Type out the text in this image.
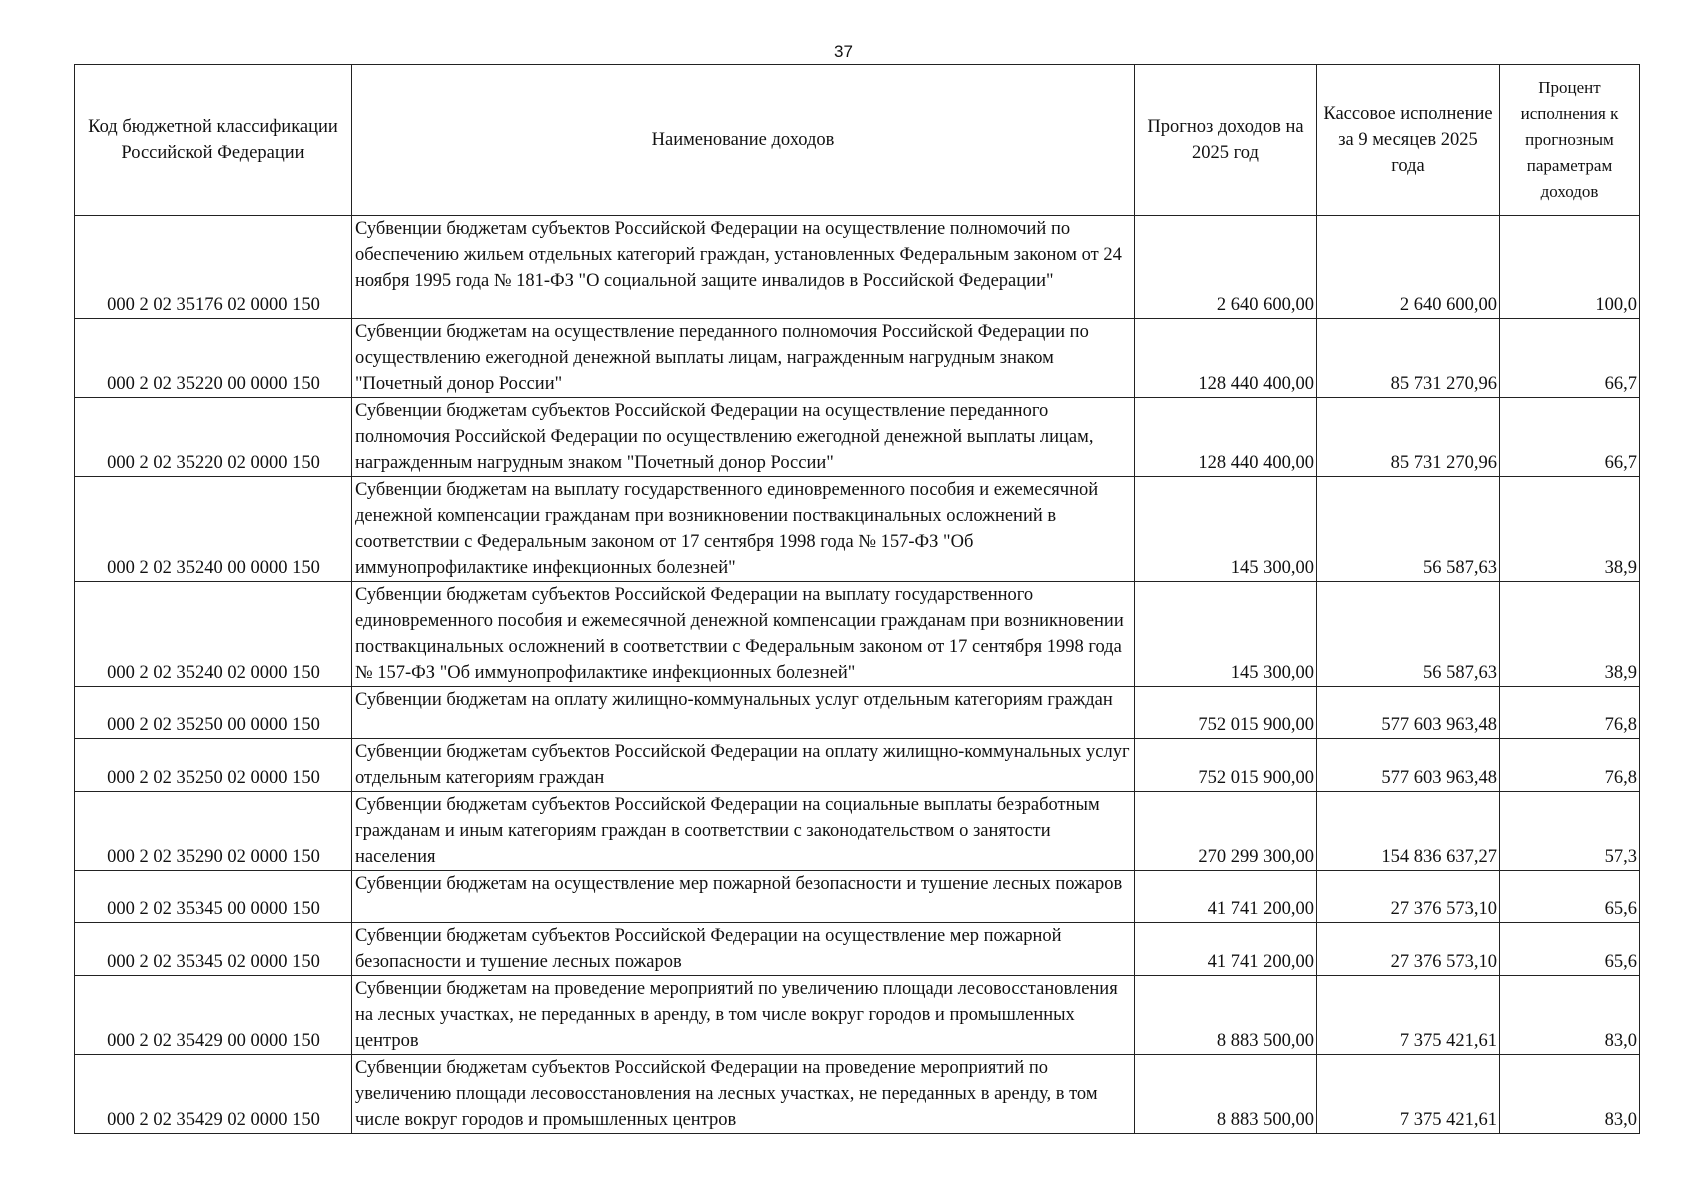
37
Код бюджетной классификации Российской Федерации	Наименование доходов	Прогноз доходов на 2025 год	Кассовое исполнение за 9 месяцев 2025 года	Процент исполнения к прогнозным параметрам доходов
000 2 02 35176 02 0000 150	Субвенции бюджетам субъектов Российской Федерации на осуществление полномочий по обеспечению жильем отдельных категорий граждан, установленных Федеральным законом от 24 ноября 1995 года № 181-ФЗ "О социальной защите инвалидов в Российской Федерации"	2 640 600,00	2 640 600,00	100,0
000 2 02 35220 00 0000 150	Субвенции бюджетам на осуществление переданного полномочия Российской Федерации по осуществлению ежегодной денежной выплаты лицам, награжденным нагрудным знаком "Почетный донор России"	128 440 400,00	85 731 270,96	66,7
000 2 02 35220 02 0000 150	Субвенции бюджетам субъектов Российской Федерации на осуществление переданного полномочия Российской Федерации по осуществлению ежегодной денежной выплаты лицам, награжденным нагрудным знаком "Почетный донор России"	128 440 400,00	85 731 270,96	66,7
000 2 02 35240 00 0000 150	Субвенции бюджетам на выплату государственного единовременного пособия и ежемесячной денежной компенсации гражданам при возникновении поствакцинальных осложнений в соответствии с Федеральным законом от 17 сентября 1998 года № 157-ФЗ "Об иммунопрофилактике инфекционных болезней"	145 300,00	56 587,63	38,9
000 2 02 35240 02 0000 150	Субвенции бюджетам субъектов Российской Федерации на выплату государственного единовременного пособия и ежемесячной денежной компенсации гражданам при возникновении поствакцинальных осложнений в соответствии с Федеральным законом от 17 сентября 1998 года № 157-ФЗ "Об иммунопрофилактике инфекционных болезней"	145 300,00	56 587,63	38,9
000 2 02 35250 00 0000 150	Субвенции бюджетам на оплату жилищно-коммунальных услуг отдельным категориям граждан	752 015 900,00	577 603 963,48	76,8
000 2 02 35250 02 0000 150	Субвенции бюджетам субъектов Российской Федерации на оплату жилищно-коммунальных услуг отдельным категориям граждан	752 015 900,00	577 603 963,48	76,8
000 2 02 35290 02 0000 150	Субвенции бюджетам субъектов Российской Федерации на социальные выплаты безработным гражданам и иным категориям граждан в соответствии с законодательством о занятости населения	270 299 300,00	154 836 637,27	57,3
000 2 02 35345 00 0000 150	Субвенции бюджетам на осуществление мер пожарной безопасности и тушение лесных пожаров	41 741 200,00	27 376 573,10	65,6
000 2 02 35345 02 0000 150	Субвенции бюджетам субъектов Российской Федерации на осуществление мер пожарной безопасности и тушение лесных пожаров	41 741 200,00	27 376 573,10	65,6
000 2 02 35429 00 0000 150	Субвенции бюджетам на проведение мероприятий по увеличению площади лесовосстановления на лесных участках, не переданных в аренду, в том числе вокруг городов и промышленных центров	8 883 500,00	7 375 421,61	83,0
000 2 02 35429 02 0000 150	Субвенции бюджетам субъектов Российской Федерации на проведение мероприятий по увеличению площади лесовосстановления на лесных участках, не переданных в аренду, в том числе вокруг городов и промышленных центров	8 883 500,00	7 375 421,61	83,0
